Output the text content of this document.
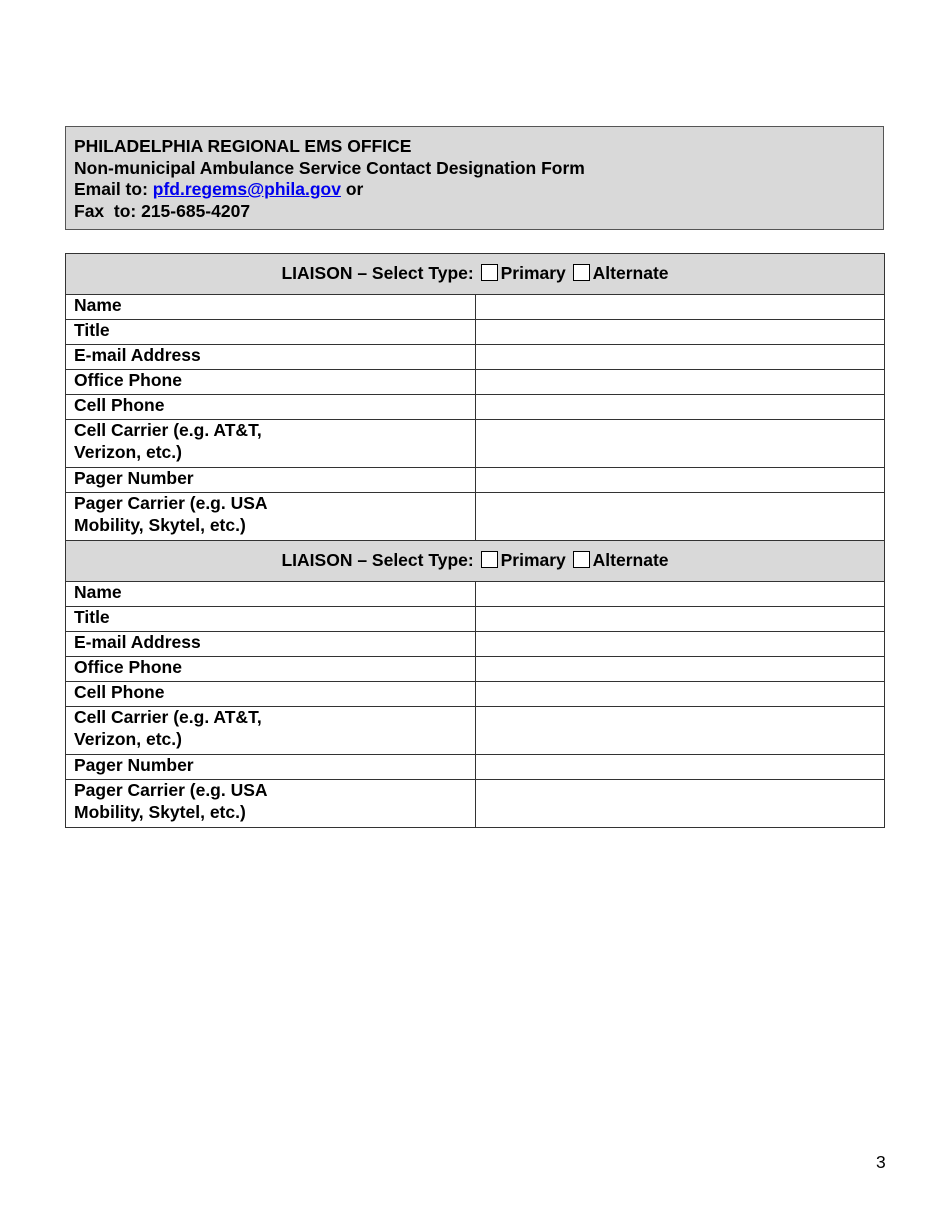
PHILADELPHIA REGIONAL EMS OFFICE
Non-municipal Ambulance Service Contact Designation Form
Email to: pfd.regems@phila.gov or
Fax  to: 215-685-4207
LIAISON – Select Type: Primary Alternate	
Name	

Title	

E-mail Address	

Office Phone	

Cell Phone	

Cell Carrier (e.g. AT&T,
Verizon, etc.)	

Pager Number	

Pager Carrier (e.g. USA
Mobility, Skytel, etc.)	

LIAISON – Select Type: Primary Alternate	
Name	

Title	

E-mail Address	

Office Phone	

Cell Phone	

Cell Carrier (e.g. AT&T,
Verizon, etc.)	

Pager Number	

Pager Carrier (e.g. USA
Mobility, Skytel, etc.)	
3
